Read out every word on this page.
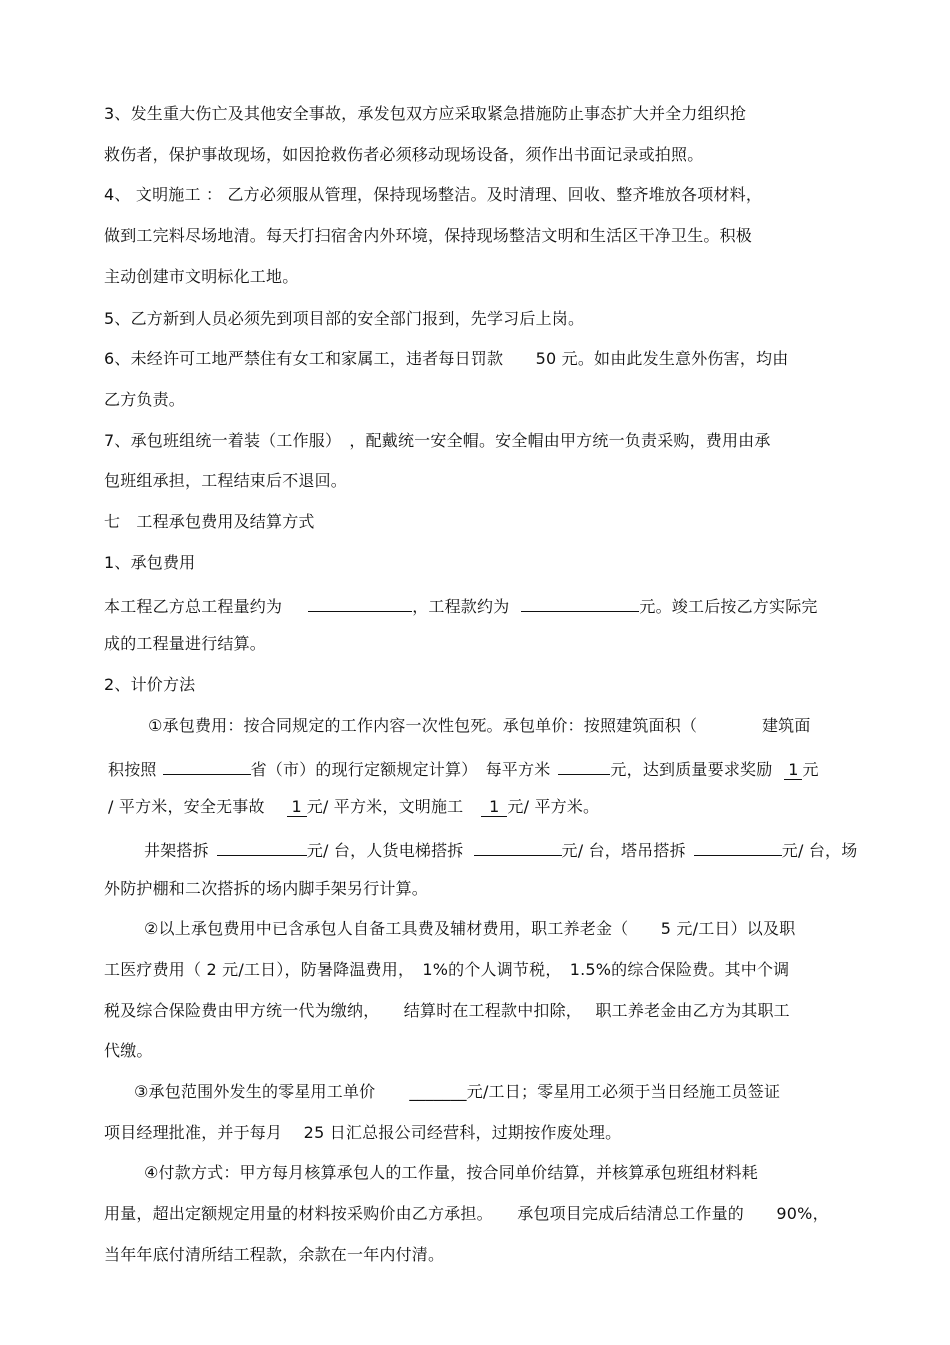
3、发生重大伤亡及其他安全事故，承发包双方应采取紧急措施防止事态扩大并全力组织抢
救伤者，保护事故现场，如因抢救伤者必须移动现场设备，须作出书面记录或拍照。
4、 文明施工 ： 乙方必须服从管理，保持现场整洁。及时清理、回收、整齐堆放各项材料，
做到工完料尽场地清。每天打扫宿舍内外环境，保持现场整洁文明和生活区干净卫生。积极
主动创建市文明标化工地。
5、乙方新到人员必须先到项目部的安全部门报到，先学习后上岗。
6、未经许可工地严禁住有女工和家属工，违者每日罚款　　50 元。如由此发生意外伤害，均由
乙方负责。
7、承包班组统一着装（工作服）　，配戴统一安全帽。安全帽由甲方统一负责采购，费用由承
包班组承担，工程结束后不退回。
七　工程承包费用及结算方式
1、承包费用
本工程乙方总工程量约为	，工程款约为	元。竣工后按乙方实际完
成的工程量进行结算。
2、计价方法
①承包费用：按合同规定的工作内容一次性包死。承包单价：按照建筑面积（　　　　建筑面
积按照	省（市）的现行定额规定计算）　每平方米	元，达到质量要求奖励 1 元
/ 平方米，安全无事故 1 元/ 平方米，文明施工 1 元/ 平方米。
井架搭拆	元/ 台，人货电梯搭拆	元/ 台，塔吊搭拆	元/ 台，场
外防护棚和二次搭拆的场内脚手架另行计算。
②以上承包费用中已含承包人自备工具费及辅材费用，职工养老金（　　5 元/工日）以及职
工医疗费用（ 2 元/工日），防暑降温费用，　1%的个人调节税，　1.5%的综合保险费。其中个调
税及综合保险费由甲方统一代为缴纳，　　结算时在工程款中扣除，　 职工养老金由乙方为其职工
代缴。
③承包范围外发生的零星用工单价 _______元/工日；零星用工必须于当日经施工员签证
项目经理批准，并于每月　 25 日汇总报公司经营科，过期按作废处理。
④付款方式：甲方每月核算承包人的工作量，按合同单价结算，并核算承包班组材料耗
用量，超出定额规定用量的材料按采购价由乙方承担。　　承包项目完成后结清总工作量的　　90%，
当年年底付清所结工程款，余款在一年内付清。
